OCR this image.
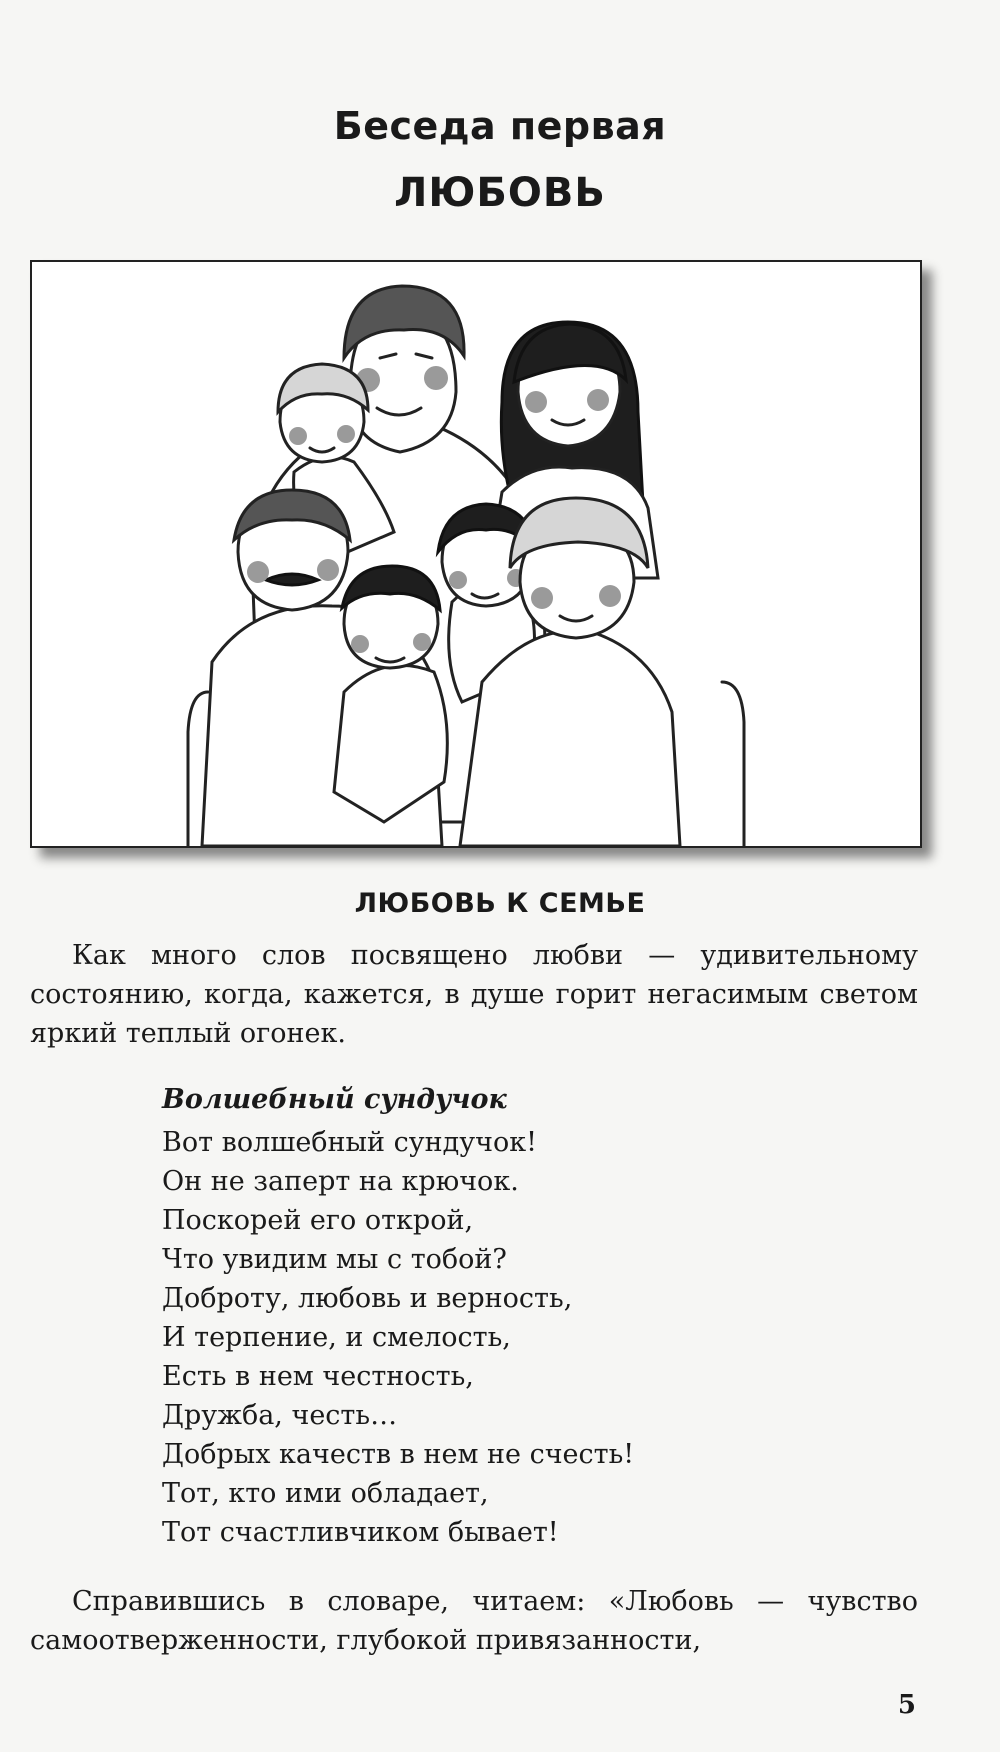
Беседа первая
ЛЮБОВЬ
ЛЮБОВЬ К СЕМЬЕ

Как много слов посвящено любви — удивительному состоянию, когда, кажется, в душе горит негасимым светом яркий теплый огонек.

Волшебный сундучок
Вот волшебный сундучок!
Он не заперт на крючок.
Поскорей его открой,
Что увидим мы с тобой?
Доброту, любовь и верность,
И терпение, и смелость,
Есть в нем честность,
Дружба, честь…
Добрых качеств в нем не счесть!
Тот, кто ими обладает,
Тот счастливчиком бывает!

Справившись в словаре, читаем: «Любовь — чувство самоотверженности, глубокой привязанности,

5
